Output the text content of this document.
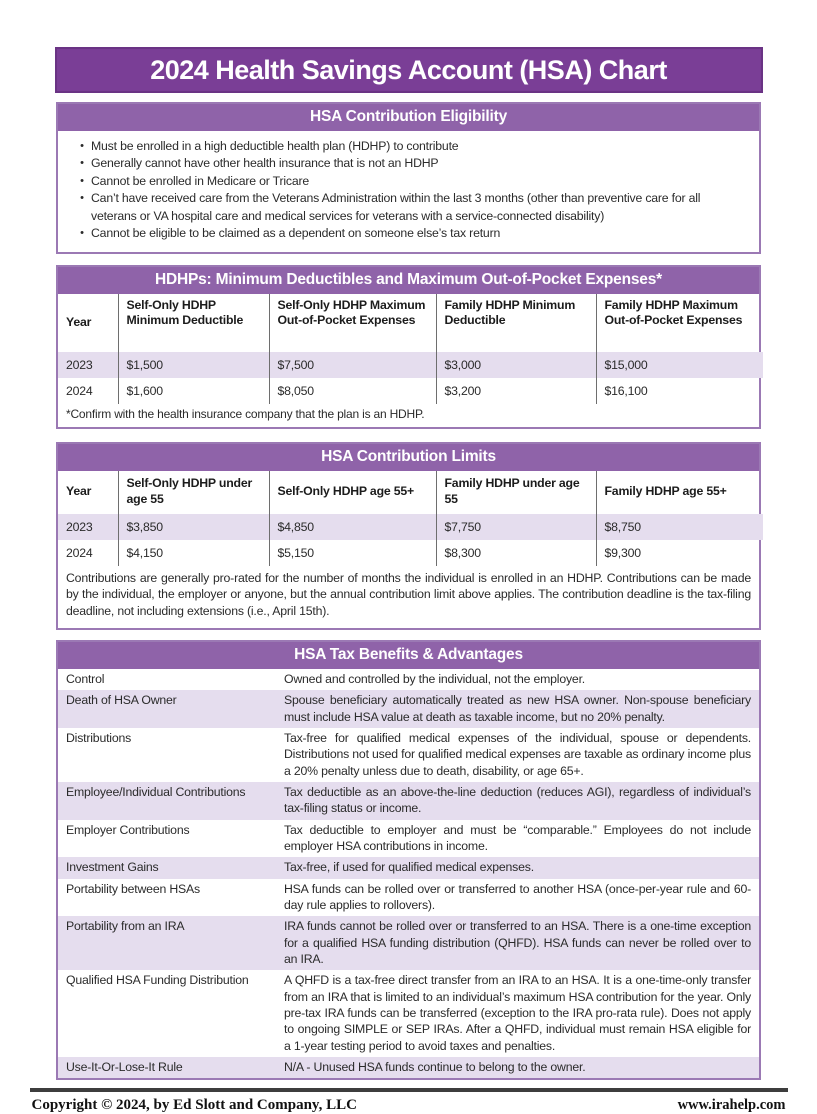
2024 Health Savings Account (HSA) Chart
HSA Contribution Eligibility
• Must be enrolled in a high deductible health plan (HDHP) to contribute
• Generally cannot have other health insurance that is not an HDHP
• Cannot be enrolled in Medicare or Tricare
• Can’t have received care from the Veterans Administration within the last 3 months (other than preventive care for all veterans or VA hospital care and medical services for veterans with a service-connected disability)
• Cannot be eligible to be claimed as a dependent on someone else’s tax return
HDHPs: Minimum Deductibles and Maximum Out-of-Pocket Expenses*
Year	Self-Only HDHP Minimum Deductible	Self-Only HDHP Maximum Out-of-Pocket Expenses	Family HDHP Minimum Deductible	Family HDHP Maximum Out-of-Pocket Expenses
2023	$1,500	$7,500	$3,000	$15,000
2024	$1,600	$8,050	$3,200	$16,100
*Confirm with the health insurance company that the plan is an HDHP.
HSA Contribution Limits
Year	Self-Only HDHP under age 55	Self-Only HDHP age 55+	Family HDHP under age 55	Family HDHP age 55+
2023	$3,850	$4,850	$7,750	$8,750
2024	$4,150	$5,150	$8,300	$9,300
Contributions are generally pro-rated for the number of months the individual is enrolled in an HDHP. Contributions can be made by the individual, the employer or anyone, but the annual contribution limit above applies. The contribution deadline is the tax-filing deadline, not including extensions (i.e., April 15th).
HSA Tax Benefits & Advantages
Control	Owned and controlled by the individual, not the employer.
Death of HSA Owner	Spouse beneficiary automatically treated as new HSA owner. Non-spouse beneficiary must include HSA value at death as taxable income, but no 20% penalty.
Distributions	Tax-free for qualified medical expenses of the individual, spouse or dependents. Distributions not used for qualified medical expenses are taxable as ordinary income plus a 20% penalty unless due to death, disability, or age 65+.
Employee/Individual Contributions	Tax deductible as an above-the-line deduction (reduces AGI), regardless of individual’s tax-filing status or income.
Employer Contributions	Tax deductible to employer and must be “comparable.” Employees do not include employer HSA contributions in income.
Investment Gains	Tax-free, if used for qualified medical expenses.
Portability between HSAs	HSA funds can be rolled over or transferred to another HSA (once-per-year rule and 60-day rule applies to rollovers).
Portability from an IRA	IRA funds cannot be rolled over or transferred to an HSA. There is a one-time exception for a qualified HSA funding distribution (QHFD). HSA funds can never be rolled over to an IRA.
Qualified HSA Funding Distribution	A QHFD is a tax-free direct transfer from an IRA to an HSA. It is a one-time-only transfer from an IRA that is limited to an individual’s maximum HSA contribution for the year. Only pre-tax IRA funds can be transferred (exception to the IRA pro-rata rule). Does not apply to ongoing SIMPLE or SEP IRAs. After a QHFD, individual must remain HSA eligible for a 1-year testing period to avoid taxes and penalties.
Use-It-Or-Lose-It Rule	N/A - Unused HSA funds continue to belong to the owner.
Copyright © 2024, by Ed Slott and Company, LLC	www.irahelp.com
